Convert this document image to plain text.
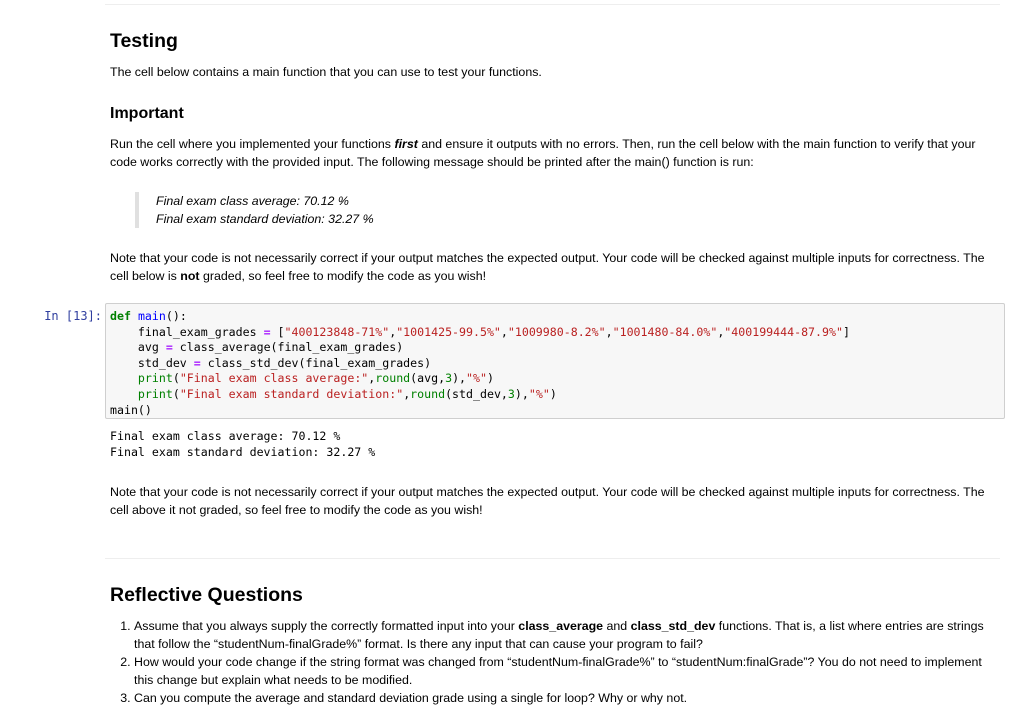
Testing

The cell below contains a main function that you can use to test your functions.

Important

Run the cell where you implemented your functions first and ensure it outputs with no errors. Then, run the cell below with the main function to verify that your code works correctly with the provided input. The following message should be printed after the main() function is run:

Final exam class average: 70.12 %
Final exam standard deviation: 32.27 %

Note that your code is not necessarily correct if your output matches the expected output. Your code will be checked against multiple inputs for correctness. The cell below is not graded, so feel free to modify the code as you wish!

In [13]: def main():
final_exam_grades = ["400123848-71%","1001425-99.5%","1009980-8.2%","1001480-84.0%","400199444-87.9%"]
avg = class_average(final_exam_grades)
std_dev = class_std_dev(final_exam_grades)
print("Final exam class average:",round(avg,3),"%")
print("Final exam standard deviation:",round(std_dev,3),"%")
main()
Final exam class average: 70.12 %
Final exam standard deviation: 32.27 %

Note that your code is not necessarily correct if your output matches the expected output. Your code will be checked against multiple inputs for correctness. The cell above it not graded, so feel free to modify the code as you wish!

Reflective Questions
1. Assume that you always supply the correctly formatted input into your class_average and class_std_dev functions. That is, a list where entries are strings that follow the “studentNum-finalGrade%” format. Is there any input that can cause your program to fail?
2. How would your code change if the string format was changed from “studentNum-finalGrade%” to “studentNum:finalGrade”? You do not need to implement this change but explain what needs to be modified.
3. Can you compute the average and standard deviation grade using a single for loop? Why or why not.
